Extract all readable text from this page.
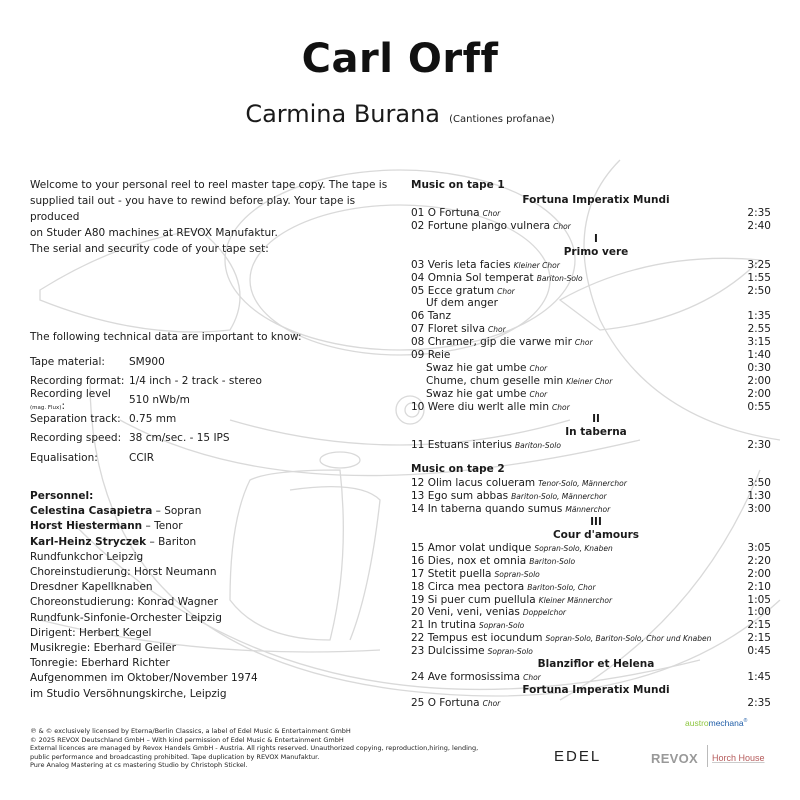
Carl Orff
Carmina Burana (Cantiones profanae)

Welcome to your personal reel to reel master tape copy. The tape is

supplied tail out - you have to rewind before play. Your tape is produced

on Studer A80 machines at REVOX Manufaktur.

The serial and security code of your tape set:

The following technical data are important to know:
Tape material:	SM900
Recording format: 1/4 inch - 2 track - stereo
Recording level (mag. Flux):	510 nWb/m
Separation track: 0.75 mm
Recording speed: 38 cm/sec. - 15 IPS
Equalisation:	CCIR
Personnel:
Celestina Casapietra – Sopran
Horst Hiestermann – Tenor
Karl-Heinz Stryczek – Bariton
Rundfunkchor Leipzig
Choreinstudierung: Horst Neumann
Dresdner Kapellknaben
Choreonstudierung: Konrad Wagner
Rundfunk-Sinfonie-Orchester Leipzig
Dirigent: Herbert Kegel
Musikregie: Eberhard Geiler
Tonregie: Eberhard Richter
Aufgenommen im Oktober/November 1974
im Studio Versöhnungskirche, Leipzig
Music on tape 1
Fortuna Imperatix Mundi
01 O Fortuna Chor	2:35
02 Fortune plango vulnera Chor	2:40
I
Primo vere
03 Veris leta facies Kleiner Chor	3:25
04 Omnia Sol temperat Bariton-Solo	1:55
05 Ecce gratum Chor	2:50
Uf dem anger
06 Tanz	1:35
07 Floret silva Chor	2.55
08 Chramer, gip die varwe mir Chor	3:15
09 Reie	1:40
Swaz hie gat umbe Chor	0:30
Chume, chum geselle min Kleiner Chor	2:00
Swaz hie gat umbe Chor	2:00
10 Were diu werlt alle min Chor	0:55
II
In taberna
11 Estuans interius Bariton-Solo	2:30
Music on tape 2
12 Olim lacus colueram Tenor-Solo, Männerchor	3:50
13 Ego sum abbas Bariton-Solo, Männerchor	1:30
14 In taberna quando sumus Männerchor	3:00
III
Cour d'amours
15 Amor volat undique Sopran-Solo, Knaben	3:05
16 Dies, nox et omnia Bariton-Solo	2:20
17 Stetit puella Sopran-Solo	2:00
18 Circa mea pectora Bariton-Solo, Chor	2:10
19 Si puer cum puellula Kleiner Männerchor	1:05
20 Veni, veni, venias Doppelchor	1:00
21 In trutina Sopran-Solo	2:15
22 Tempus est iocundum Sopran-Solo, Bariton-Solo, Chor und Knaben	2:15
23 Dulcissime Sopran-Solo	0:45
Blanziflor et Helena
24 Ave formosissima Chor	1:45
Fortuna Imperatix Mundi
25 O Fortuna Chor	2:35
℗ & © exclusively licensed by Eterna/Berlin Classics, a label of Edel Music & Entertainment GmbH
© 2025 REVOX Deutschland GmbH – With kind permission of Edel Music & Entertainment GmbH
External licences are managed by Revox Handels GmbH - Austria. All rights reserved. Unauthorized copying, reproduction,hiring, lending,
public performance and broadcasting prohibited. Tape duplication by REVOX Manufaktur.
Pure Analog Mastering at cs mastering Studio by Christoph Stickel.
austromechana®
EDEL	REVOX Horch House
